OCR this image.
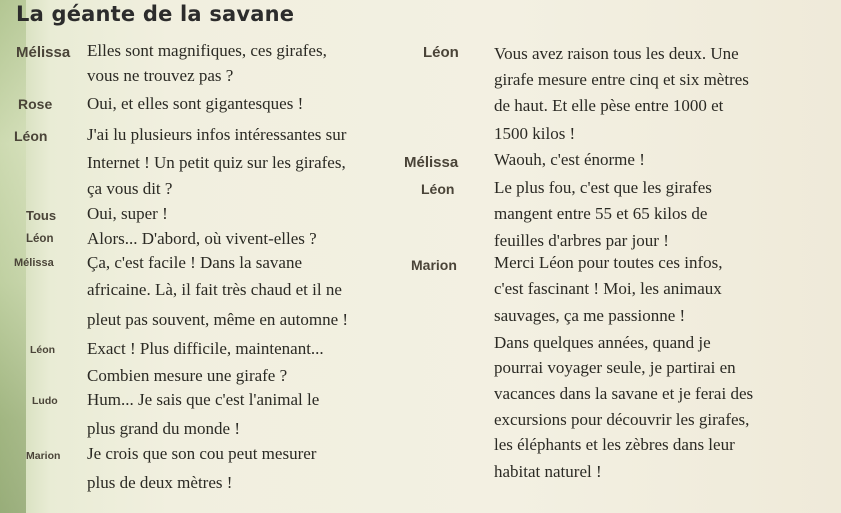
La géante de la savane
Mélissa Elles sont magnifiques, ces girafes,
vous ne trouvez pas ?
Rose Oui, et elles sont gigantesques !
Léon J'ai lu plusieurs infos intéressantes sur
Internet ! Un petit quiz sur les girafes,
ça vous dit ?
Tous Oui, super !
Léon Alors... D'abord, où vivent-elles ?
Mélissa Ça, c'est facile ! Dans la savane
africaine. Là, il fait très chaud et il ne
pleut pas souvent, même en automne !
Léon Exact ! Plus difficile, maintenant...
Combien mesure une girafe ?
Ludo Hum... Je sais que c'est l'animal le
plus grand du monde !
Marion Je crois que son cou peut mesurer
plus de deux mètres !
Léon Vous avez raison tous les deux. Une
girafe mesure entre cinq et six mètres
de haut. Et elle pèse entre 1000 et
1500 kilos !
Mélissa Waouh, c'est énorme !
Léon Le plus fou, c'est que les girafes
mangent entre 55 et 65 kilos de
feuilles d'arbres par jour !
Marion Merci Léon pour toutes ces infos,
c'est fascinant ! Moi, les animaux
sauvages, ça me passionne !
Dans quelques années, quand je
pourrai voyager seule, je partirai en
vacances dans la savane et je ferai des
excursions pour découvrir les girafes,
les éléphants et les zèbres dans leur
habitat naturel !
